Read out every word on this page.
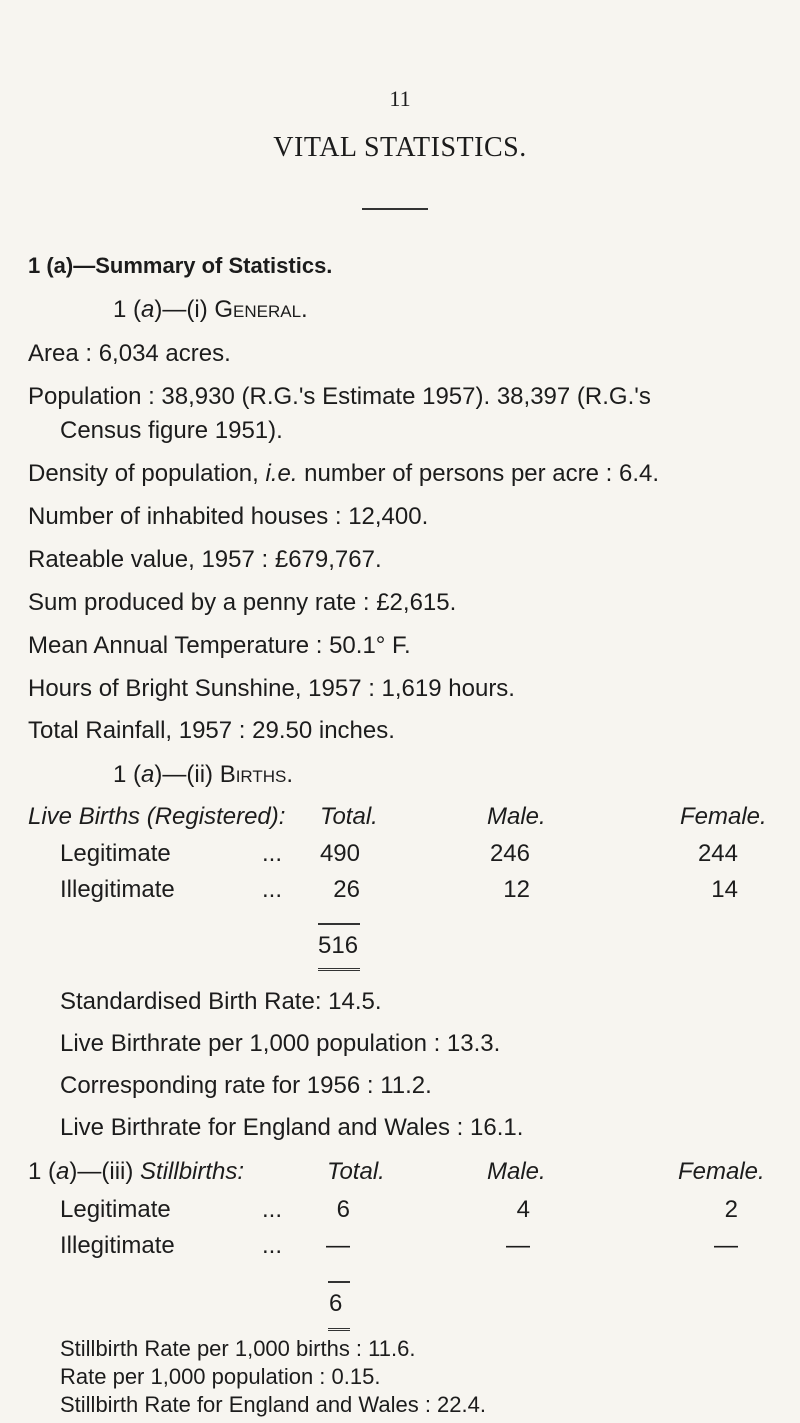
11
VITAL STATISTICS.
1 (a)—Summary of Statistics.
1 (a)—(i) General.
Area : 6,034 acres.
Population : 38,930 (R.G.'s Estimate 1957). 38,397 (R.G.'s
Census figure 1951).
Density of population, i.e. number of persons per acre : 6.4.
Number of inhabited houses : 12,400.
Rateable value, 1957 : £679,767.
Sum produced by a penny rate : £2,615.
Mean Annual Temperature : 50.1° F.
Hours of Bright Sunshine, 1957 : 1,619 hours.
Total Rainfall, 1957 : 29.50 inches.
1 (a)—(ii) Births.
Live Births (Registered): Total.	Male.	Female.
Legitimate	...	490	246	244
Illegitimate	...	26	12	14
516
Standardised Birth Rate: 14.5.
Live Birthrate per 1,000 population : 13.3.
Corresponding rate for 1956 : 11.2.
Live Birthrate for England and Wales : 16.1.
1 (a)—(iii) Stillbirths:	Total.	Male.	Female.
Legitimate	...	6	4	2
Illegitimate	...	—	—	—
6
Stillbirth Rate per 1,000 births : 11.6.
Rate per 1,000 population : 0.15.
Stillbirth Rate for England and Wales : 22.4.
